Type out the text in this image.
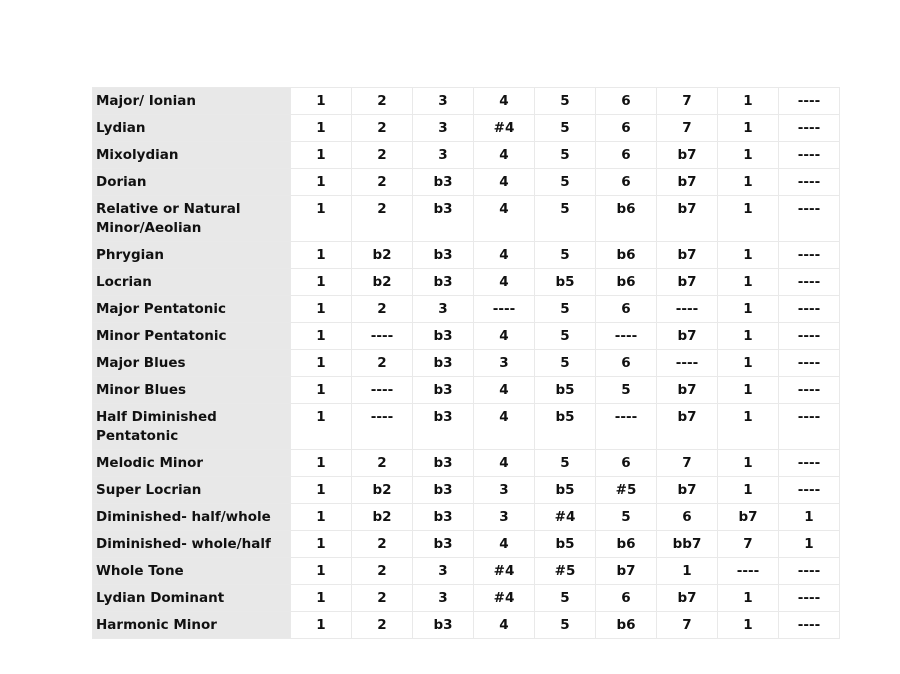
Major/ Ionian	1	2	3	4	5	6	7	1	----
Lydian	1	2	3	#4	5	6	7	1	----
Mixolydian	1	2	3	4	5	6	b7	1	----
Dorian	1	2	b3	4	5	6	b7	1	----
Relative or Natural Minor/Aeolian	1	2	b3	4	5	b6	b7	1	----
Phrygian	1	b2	b3	4	5	b6	b7	1	----
Locrian	1	b2	b3	4	b5	b6	b7	1	----
Major Pentatonic	1	2	3	----	5	6	----	1	----
Minor Pentatonic	1	----	b3	4	5	----	b7	1	----
Major Blues	1	2	b3	3	5	6	----	1	----
Minor Blues	1	----	b3	4	b5	5	b7	1	----
Half Diminished Pentatonic	1	----	b3	4	b5	----	b7	1	----
Melodic Minor	1	2	b3	4	5	6	7	1	----
Super Locrian	1	b2	b3	3	b5	#5	b7	1	----
Diminished- half/whole	1	b2	b3	3	#4	5	6	b7	1
Diminished- whole/half	1	2	b3	4	b5	b6	bb7	7	1
Whole Tone	1	2	3	#4	#5	b7	1	----	----
Lydian Dominant	1	2	3	#4	5	6	b7	1	----
Harmonic Minor	1	2	b3	4	5	b6	7	1	----
